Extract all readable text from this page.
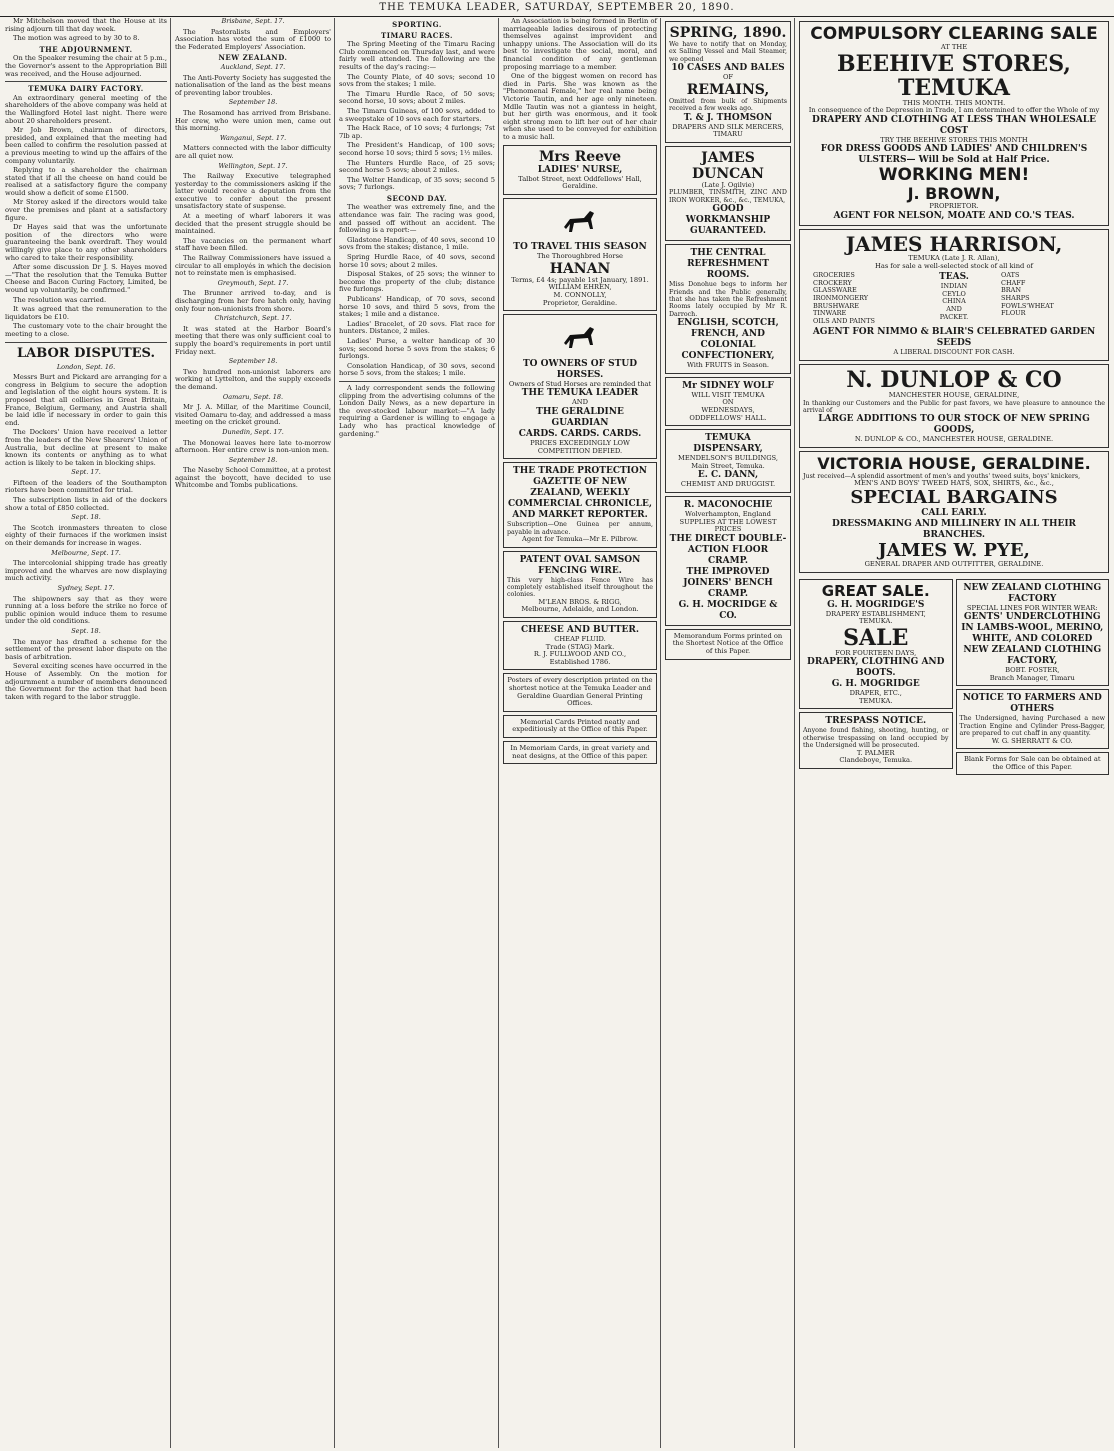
THE TEMUKA LEADER, SATURDAY, SEPTEMBER 20, 1890.

Mr Mitchelson moved that the House at its rising adjourn till that day week.

The motion was agreed to by 30 to 8.

THE ADJOURNMENT.

On the Speaker resuming the chair at 5 p.m., the Governor's assent to the Appropriation Bill was received, and the House adjourned.

TEMUKA DAIRY FACTORY.

An extraordinary general meeting of the shareholders of the above company was held at the Wallingford Hotel last night. There were about 20 shareholders present.

Mr Job Brown, chairman of directors, presided, and explained that the meeting had been called to confirm the resolution passed at a previous meeting to wind up the affairs of the company voluntarily.

Replying to a shareholder the chairman stated that if all the cheese on hand could be realised at a satisfactory figure the company would show a deficit of some £1500.

Mr Storey asked if the directors would take over the premises and plant at a satisfactory figure.

Dr Hayes said that was the unfortunate position of the directors who were guaranteeing the bank overdraft. They would willingly give place to any other shareholders who cared to take their responsibility.

After some discussion Dr J. S. Hayes moved—"That the resolution that the Temuka Butter Cheese and Bacon Curing Factory, Limited, be wound up voluntarily, be confirmed."

The resolution was carried.

It was agreed that the remuneration to the liquidators be £10.

The customary vote to the chair brought the meeting to a close.

LABOR DISPUTES.
London, Sept. 16.

Messrs Burt and Pickard are arranging for a congress in Belgium to secure the adoption and legislation of the eight hours system. It is proposed that all collieries in Great Britain, France, Belgium, Germany, and Austria shall be laid idle if necessary in order to gain this end.

The Dockers' Union have received a letter from the leaders of the New Shearers' Union of Australia, but decline at present to make known its contents or anything as to what action is likely to be taken in blocking ships.

Sept. 17.

Fifteen of the leaders of the Southampton rioters have been committed for trial.

The subscription lists in aid of the dockers show a total of £850 collected.

Sept. 18.

The Scotch ironmasters threaten to close eighty of their furnaces if the workmen insist on their demands for increase in wages.

Melbourne, Sept. 17.

The intercolonial shipping trade has greatly improved and the wharves are now displaying much activity.

Sydney, Sept. 17.

The shipowners say that as they were running at a loss before the strike no force of public opinion would induce them to resume under the old conditions.

Sept. 18.

The mayor has drafted a scheme for the settlement of the present labor dispute on the basis of arbitration.

Several exciting scenes have occurred in the House of Assembly. On the motion for adjournment a number of members denounced the Government for the action that had been taken with regard to the labor struggle.

Brisbane, Sept. 17.

The Pastoralists and Employers' Association has voted the sum of £1000 to the Federated Employers' Association.

NEW ZEALAND.
Auckland, Sept. 17.

The Anti-Poverty Society has suggested the nationalisation of the land as the best means of preventing labor troubles.

September 18.

The Rosamond has arrived from Brisbane. Her crew, who were union men, came out this morning.

Wanganui, Sept. 17.

Matters connected with the labor difficulty are all quiet now.

Wellington, Sept. 17.

The Railway Executive telegraphed yesterday to the commissioners asking if the latter would receive a deputation from the executive to confer about the present unsatisfactory state of suspense.

At a meeting of wharf laborers it was decided that the present struggle should be maintained.

The vacancies on the permanent wharf staff have been filled.

The Railway Commissioners have issued a circular to all employés in which the decision not to reinstate men is emphasised.

Greymouth, Sept. 17.

The Brunner arrived to-day, and is discharging from her fore hatch only, having only four non-unionists from shore.

Christchurch, Sept. 17.

It was stated at the Harbor Board's meeting that there was only sufficient coal to supply the board's requirements in port until Friday next.

September 18.

Two hundred non-unionist laborers are working at Lyttelton, and the supply exceeds the demand.

Oamaru, Sept. 18.

Mr J. A. Millar, of the Maritime Council, visited Oamaru to-day, and addressed a mass meeting on the cricket ground.

Dunedin, Sept. 17.

The Monowai leaves here late to-morrow afternoon. Her entire crew is non-union men.

September 18.

The Naseby School Committee, at a protest against the boycott, have decided to use Whitcombe and Tombs publications.

SPORTING.
TIMARU RACES.

The Spring Meeting of the Timaru Racing Club commenced on Thursday last, and were fairly well attended. The following are the results of the day's racing:—

The County Plate, of 40 sovs; second 10 sovs from the stakes; 1 mile.

The Timaru Hurdle Race, of 50 sovs; second horse, 10 sovs; about 2 miles.

The Timaru Guineas, of 100 sovs, added to a sweepstake of 10 sovs each for starters.

The Hack Race, of 10 sovs; 4 furlongs; 7st 7lb ap.

The President's Handicap, of 100 sovs; second horse 10 sovs; third 5 sovs; 1½ miles.

The Hunters Hurdle Race, of 25 sovs; second horse 5 sovs; about 2 miles.

The Welter Handicap, of 35 sovs; second 5 sovs; 7 furlongs.

SECOND DAY.

The weather was extremely fine, and the attendance was fair. The racing was good, and passed off without an accident. The following is a report:—

Gladstone Handicap, of 40 sovs, second 10 sovs from the stakes; distance, 1 mile.

Spring Hurdle Race, of 40 sovs, second horse 10 sovs; about 2 miles.

Disposal Stakes, of 25 sovs; the winner to become the property of the club; distance five furlongs.

Publicans' Handicap, of 70 sovs, second horse 10 sovs, and third 5 sovs, from the stakes; 1 mile and a distance.

Ladies' Bracelet, of 20 sovs. Flat race for hunters. Distance, 2 miles.

Ladies' Purse, a welter handicap of 30 sovs; second horse 5 sovs from the stakes; 6 furlongs.

Consolation Handicap, of 30 sovs, second horse 5 sovs, from the stakes; 1 mile.

A lady correspondent sends the following clipping from the advertising columns of the London Daily News, as a new departure in the over-stocked labour market:—"A lady requiring a Gardener is willing to engage a Lady who has practical knowledge of gardening."

An Association is being formed in Berlin of marriageable ladies desirous of protecting themselves against improvident and unhappy unions. The Association will do its best to investigate the social, moral, and financial condition of any gentleman proposing marriage to a member.

One of the biggest women on record has died in Paris. She was known as the "Phenomenal Female," her real name being Victorie Tautin, and her age only nineteen. Mdlle Tautin was not a giantess in height, but her girth was enormous, and it took eight strong men to lift her out of her chair when she used to be conveyed for exhibition to a music hall.

Mrs Reeve
LADIES' NURSE,
Talbot Street, next Oddfellows' Hall,
Geraldine.
TO TRAVEL THIS SEASON
The Thoroughbred Horse
HANAN
Terms, £4 4s; payable 1st January, 1891.
WILLIAM EHREN,
M. CONNOLLY,
Proprietor, Geraldine.
TO OWNERS OF STUD HORSES.
Owners of Stud Horses are reminded that
THE TEMUKA LEADER
AND
THE GERALDINE GUARDIAN
CARDS. CARDS. CARDS.
PRICES EXCEEDINGLY LOW
COMPETITION DEFIED.
THE TRADE PROTECTION GAZETTE OF NEW ZEALAND, WEEKLY COMMERCIAL CHRONICLE, AND MARKET REPORTER.
Subscription—One Guinea per annum, payable in advance.
Agent for Temuka—Mr E. Pilbrow.
PATENT OVAL SAMSON FENCING WIRE.
This very high-class Fence Wire has completely established itself throughout the colonies.
M'LEAN BROS. & RIGG,
Melbourne, Adelaide, and London.
CHEESE AND BUTTER.
CHEAP FLUID.
Trade (STAG) Mark.
R. J. FULLWOOD AND CO.,
Established 1786.
Posters of every description printed on the shortest notice at the Temuka Leader and Geraldine Guardian General Printing Offices.
Memorial Cards Printed neatly and expeditiously at the Office of this Paper.
In Memoriam Cards, in great variety and neat designs, at the Office of this paper.
SPRING, 1890.
We have to notify that on Monday, ex Salling Vessel and Mail Steamer, we opened
10 CASES AND BALES
OF
REMAINS,
Omitted from bulk of Shipments received a few weeks ago.
T. & J. THOMSON
DRAPERS AND SILK MERCERS,
TIMARU
JAMES DUNCAN
(Late J. Ogilvie)
PLUMBER, TINSMITH, ZINC AND IRON WORKER, &c., &c., TEMUKA,
GOOD WORKMANSHIP GUARANTEED.
THE CENTRAL REFRESHMENT ROOMS.
Miss Donohue begs to inform her Friends and the Public generally, that she has taken the Refreshment Rooms lately occupied by Mr R. Darroch.
ENGLISH, SCOTCH, FRENCH, AND COLONIAL CONFECTIONERY,
With FRUITS in Season.
Mr SIDNEY WOLF
WILL VISIT TEMUKA
ON
WEDNESDAYS,
ODDFELLOWS' HALL.
TEMUKA DISPENSARY,
MENDELSON'S BUILDINGS,
Main Street, Temuka.
E. C. DANN,
CHEMIST AND DRUGGIST.
R. MACONOCHIE
Wolverhampton, England
SUPPLIES AT THE LOWEST PRICES
THE DIRECT DOUBLE-ACTION FLOOR CRAMP.
THE IMPROVED JOINERS' BENCH CRAMP.
G. H. MOCRIDGE & CO.
Memorandum Forms printed on the Shortest Notice at the Office of this Paper.
COMPULSORY CLEARING SALE
AT THE
BEEHIVE STORES, TEMUKA
THIS MONTH. THIS MONTH.
In consequence of the Depression in Trade, I am determined to offer the Whole of my
DRAPERY AND CLOTHING AT LESS THAN WHOLESALE COST
TRY THE BEEHIVE STORES THIS MONTH
FOR DRESS GOODS AND LADIES' AND CHILDREN'S ULSTERS— Will be Sold at Half Price.
WORKING MEN!
J. BROWN,
PROPRIETOR.
AGENT FOR NELSON, MOATE AND CO.'S TEAS.
JAMES HARRISON,
TEMUKA (Late J. R. Allan),
Has for sale a well-selected stock of all kind of
GROCERIES
CROCKERY
GLASSWARE
IRONMONGERY
BRUSHWARE
TINWARE
OILS AND PAINTS
TEAS.
INDIAN
CEYLO
CHINA
AND
PACKET.
OATS
CHAFF
BRAN
SHARPS
FOWLS'WHEAT
FLOUR
AGENT FOR NIMMO & BLAIR'S CELEBRATED GARDEN SEEDS
A LIBERAL DISCOUNT FOR CASH.
N. DUNLOP & CO
MANCHESTER HOUSE, GERALDINE,
In thanking our Customers and the Public for past favors, we have pleasure to announce the arrival of
LARGE ADDITIONS TO OUR STOCK OF NEW SPRING GOODS,
N. DUNLOP & CO., MANCHESTER HOUSE, GERALDINE.
VICTORIA HOUSE, GERALDINE.
Just received—A splendid assortment of men's and youths' tweed suits, boys' knickers,
MEN'S AND BOYS' TWEED HATS, SOX, SHIRTS, &c., &c.,
SPECIAL BARGAINS
CALL EARLY.
DRESSMAKING AND MILLINERY IN ALL THEIR BRANCHES.
JAMES W. PYE,
GENERAL DRAPER AND OUTFITTER, GERALDINE.
GREAT SALE.
G. H. MOGRIDGE'S
DRAPERY ESTABLISHMENT,
TEMUKA.
SALE
FOR FOURTEEN DAYS,
DRAPERY, CLOTHING AND BOOTS.
G. H. MOGRIDGE
DRAPER, ETC.,
TEMUKA.
TRESPASS NOTICE.
Anyone found fishing, shooting, hunting, or otherwise trespassing on land occupied by the Undersigned will be prosecuted.
T. PALMER
Clandeboye, Temuka.
NEW ZEALAND CLOTHING FACTORY
SPECIAL LINES FOR WINTER WEAR:
GENTS' UNDERCLOTHING IN LAMBS-WOOL, MERINO, WHITE, AND COLORED
NEW ZEALAND CLOTHING FACTORY,
BOBT. FOSTER,
Branch Manager, Timaru
NOTICE TO FARMERS AND OTHERS
The Undersigned, having Purchased a new Traction Engine and Cylinder Press-Bagger, are prepared to cut chaff in any quantity.
W. G. SHERRATT & CO.
Blank Forms for Sale can be obtained at the Office of this Paper.
